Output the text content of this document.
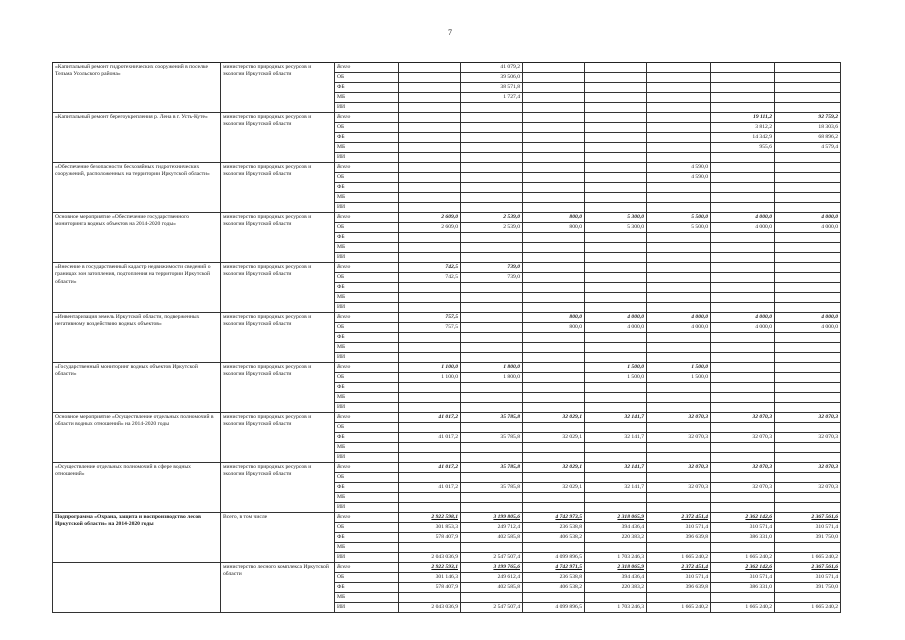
7
«Капитальный ремонт гидротехнических сооружений в поселке Тельма Усольского района»	министерство природных ресурсов и экологии Иркутской области	Всего		41 079,2					
		ОБ		39 506,0					
		ФБ		38 571,8					
		МБ		1 727,4					
		ИИ							
«Капитальный ремонт берегоукрепления р. Лена в г. Усть-Куте»	министерство природных ресурсов и экологии Иркутской области	Всего						19 111,2	92 759,2
		ОБ						3 812,2	18 303,6
		ФБ						14 342,9	68 896,2
		МБ						955,6	4 579,4
		ИИ							
«Обеспечение безопасности бесхозяйных гидротехнических сооружений, расположенных на территории Иркутской области»	министерство природных ресурсов и экологии Иркутской области	Всего					4 590,0		
		ОБ					4 590,0		
		ФБ							
		МБ							
		ИИ							
Основное мероприятие «Обеспечение государственного мониторинга водных объектов на 2014-2020 годы»	министерство природных ресурсов и экологии Иркутской области	Всего	2 609,0	2 539,0	800,0	5 300,0	5 500,0	4 000,0	4 000,0
		ОБ	2 609,0	2 539,0	800,0	5 300,0	5 500,0	4 000,0	4 000,0
		ФБ							
		МБ							
		ИИ							
«Внесение в государственный кадастр недвижимости сведений о границах зон затопления, подтопления на территории Иркутской области»	министерство природных ресурсов и экологии Иркутской области	Всего	742,5	739,0					
		ОБ	742,5	739,0					
		ФБ							
		МБ							
		ИИ							
«Инвентаризация земель Иркутской области, подверженных негативному воздействию водных объектов»	министерство природных ресурсов и экологии Иркутской области	Всего	757,5		800,0	4 000,0	4 000,0	4 000,0	4 000,0
		ОБ	757,5		800,0	4 000,0	4 000,0	4 000,0	4 000,0
		ФБ							
		МБ							
		ИИ							
«Государственный мониторинг водных объектов Иркутской области»	министерство природных ресурсов и экологии Иркутской области	Всего	1 100,0	1 800,0		1 500,0	1 500,0		
		ОБ	1 100,0	1 800,0		1 500,0	1 500,0		
		ФБ							
		МБ							
		ИИ							
Основное мероприятие «Осуществление отдельных полномочий в области водных отношений» на 2014-2020 годы	министерство природных ресурсов и экологии Иркутской области	Всего	41 017,2	35 785,8	32 029,1	32 141,7	32 070,3	32 070,3	32 070,3
		ОБ							
		ФБ	41 017,2	35 785,8	32 029,1	32 141,7	32 070,3	32 070,3	32 070,3
		МБ							
		ИИ							
«Осуществление отдельных полномочий в сфере водных отношений»	министерство природных ресурсов и экологии Иркутской области	Всего	41 017,2	35 785,8	32 029,1	32 141,7	32 070,3	32 070,3	32 070,3
		ОБ							
		ФБ	41 017,2	35 785,8	32 029,1	32 141,7	32 070,3	32 070,3	32 070,3
		МБ							
		ИИ							
Подпрограмма «Охрана, защита и воспроизводство лесов Иркутской области» на 2014-2020 годы	Всего, в том числе	Всего	2 922 598,1	3 199 805,6	4 742 973,5	2 318 065,9	2 372 451,4	2 362 142,6	2 367 561,6
		ОБ	301 853,3	249 712,4	236 538,8	394 436,4	310 571,4	310 571,4	310 571,4
		ФБ	578 407,9	402 585,8	406 538,2	220 383,2	396 639,8	386 331,0	391 750,0
		МБ							
		ИИ	2 043 036,9	2 547 507,4	4 099 896,5	1 703 246,3	1 665 240,2	1 665 240,2	1 665 240,2
	министерство лесного комплекса Иркутской области	Всего	2 922 593,1	3 199 765,6	4 742 971,5	2 318 065,9	2 372 451,4	2 362 142,6	2 367 561,6
		ОБ	301 146,3	249 612,4	236 538,8	394 436,4	310 571,4	310 571,4	310 571,4
		ФБ	578 407,9	402 585,8	406 538,2	220 383,2	396 639,8	386 331,0	391 750,0
		МБ							
		ИИ	2 043 036,9	2 547 507,4	4 099 896,5	1 703 246,3	1 665 240,2	1 665 240,2	1 665 240,2
